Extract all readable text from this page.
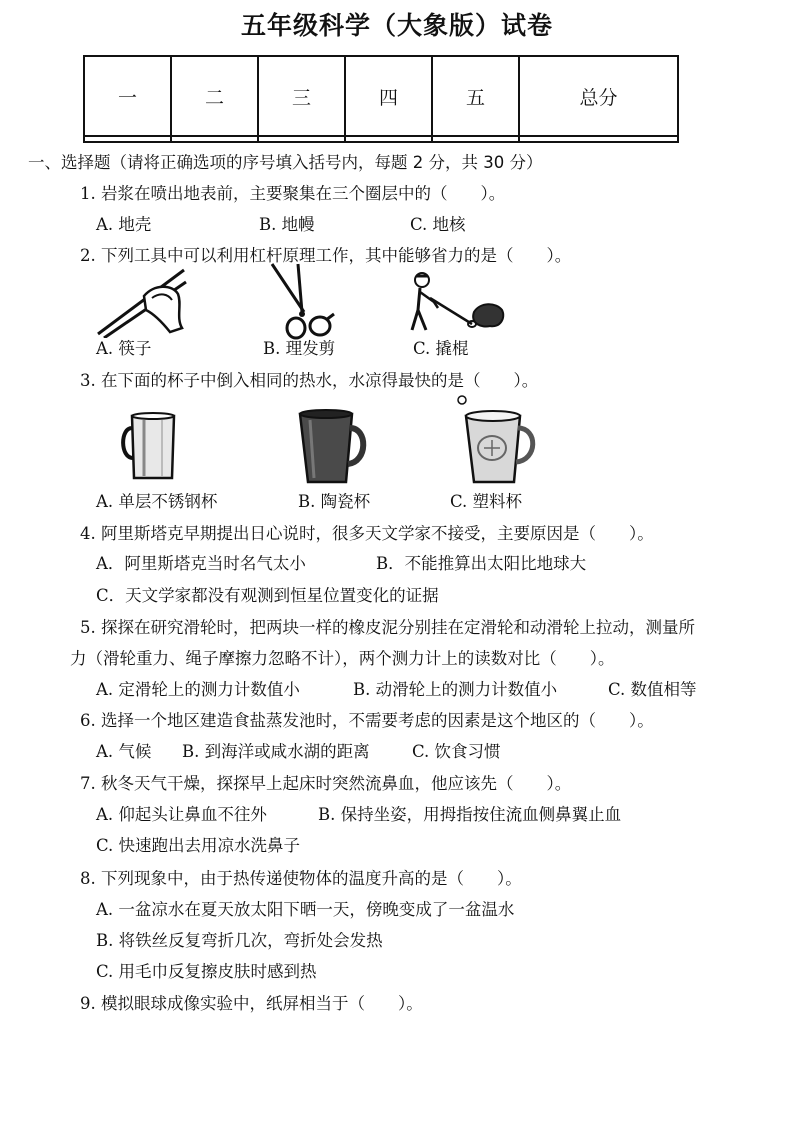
五年级科学（大象版）试卷
一	二	三	四	五	总分

一、选择题（请将正确选项的序号填入括号内，每题 2 分，共 30 分）
1. 岩浆在喷出地表前，主要聚集在三个圈层中的（　　）。
A. 地壳	B. 地幔	C. 地核
2. 下列工具中可以利用杠杆原理工作，其中能够省力的是（　　）。
A. 筷子	B. 理发剪	C. 撬棍
3. 在下面的杯子中倒入相同的热水，水凉得最快的是（　　）。
A. 单层不锈钢杯	B. 陶瓷杯	C. 塑料杯
4. 阿里斯塔克早期提出日心说时，很多天文学家不接受，主要原因是（　　）。
A．阿里斯塔克当时名气太小	B．不能推算出太阳比地球大
C．天文学家都没有观测到恒星位置变化的证据
5. 探探在研究滑轮时，把两块一样的橡皮泥分别挂在定滑轮和动滑轮上拉动，测量所
力（滑轮重力、绳子摩擦力忽略不计），两个测力计上的读数对比（　　）。
A. 定滑轮上的测力计数值小	B. 动滑轮上的测力计数值小	C. 数值相等
6. 选择一个地区建造食盐蒸发池时，不需要考虑的因素是这个地区的（　　）。
A. 气候 B. 到海洋或咸水湖的距离	C. 饮食习惯
7. 秋冬天气干燥，探探早上起床时突然流鼻血，他应该先（　　）。
A. 仰起头让鼻血不往外	B. 保持坐姿，用拇指按住流血侧鼻翼止血
C. 快速跑出去用凉水洗鼻子
8. 下列现象中，由于热传递使物体的温度升高的是（　　）。
A. 一盆凉水在夏天放太阳下晒一天，傍晚变成了一盆温水
B. 将铁丝反复弯折几次，弯折处会发热
C. 用毛巾反复擦皮肤时感到热
9. 模拟眼球成像实验中，纸屏相当于（　　）。
